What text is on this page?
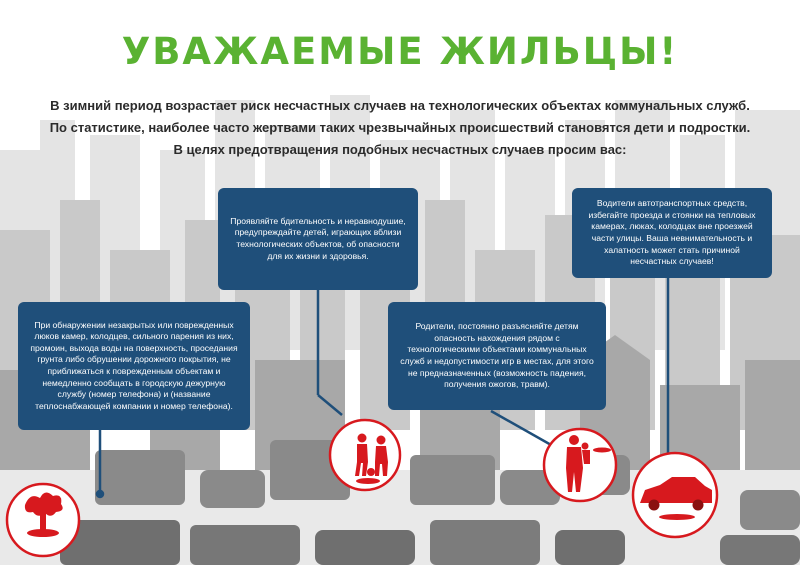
УВАЖАЕМЫЕ ЖИЛЬЦЫ!
В зимний период возрастает риск несчастных случаев на технологических объектах коммунальных служб.
По статистике, наиболее часто жертвами таких чрезвычайных происшествий становятся дети и подростки.
В целях предотвращения подобных несчастных случаев просим вас:
При обнаружении незакрытых или поврежденных люков камер, колодцев, сильного парения из них, промоин, выхода воды на поверхность, проседания грунта либо обрушении дорожного покрытия, не приближаться к поврежденным объектам и немедленно сообщать в городскую дежурную службу (номер телефона) и (название теплоснабжающей компании и номер телефона).
Проявляйте бдительность и неравнодушие, предупреждайте детей, играющих вблизи технологических объектов, об опасности для их жизни и здоровья.
Родители, постоянно разъясняйте детям опасность нахождения рядом с технологическими объектами коммунальных служб и недопустимости игр в местах, для этого не предназначенных (возможность падения, получения ожогов, травм).
Водители автотранспортных средств, избегайте проезда и стоянки на тепловых камерах, люках, колодцах вне проезжей части улицы. Ваша невнимательность и халатность может стать причиной несчастных случаев!
